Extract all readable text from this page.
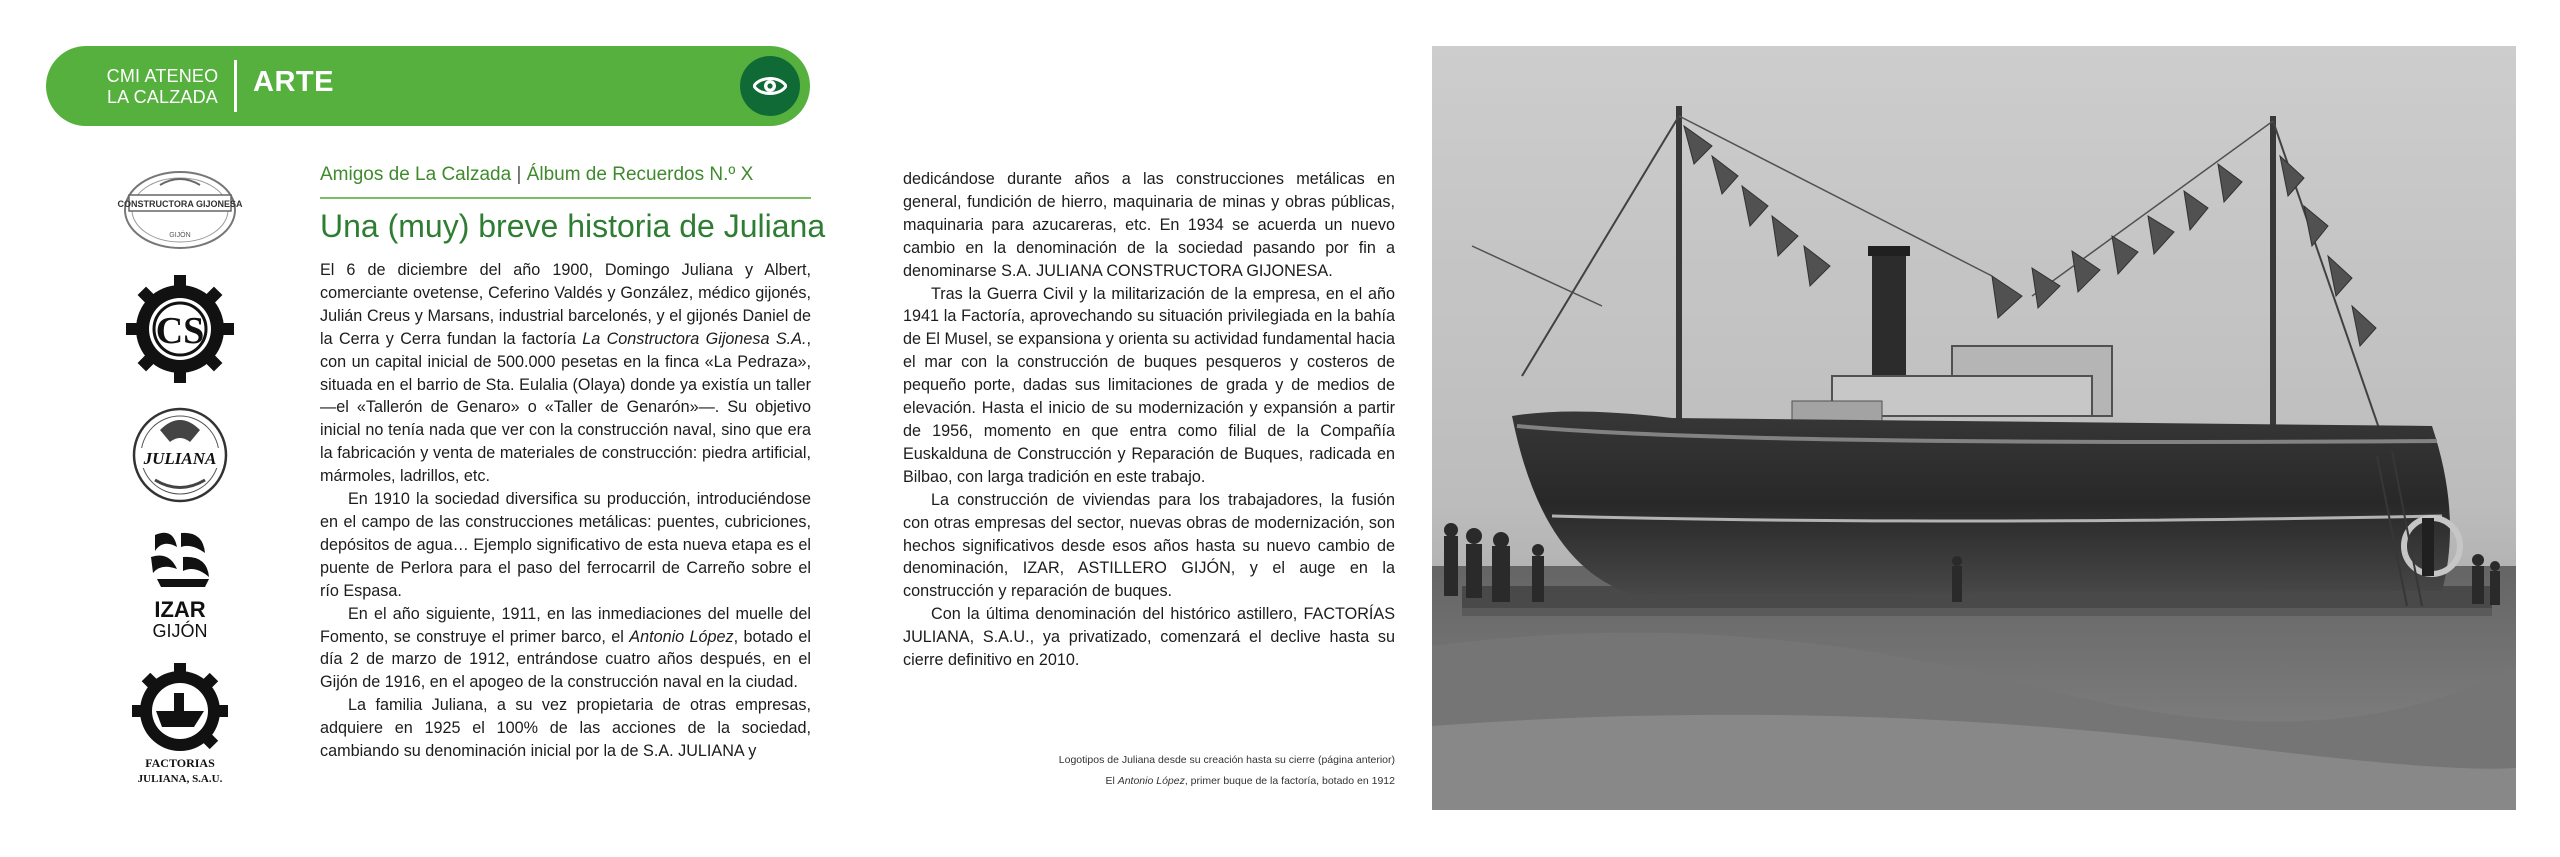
CMI ATENEO
LA CALZADA ARTE
CONSTRUCTORA GIJONESA
GIJÓN
CS
JULIANA
IZAR
GIJÓN
FACTORIAS
JULIANA, S.A.U.
Amigos de La Calzada | Álbum de Recuerdos N.º X
Una (muy) breve historia de Juliana

El 6 de diciembre del año 1900, Domingo Juliana y Albert, comerciante ovetense, Ceferino Valdés y González, médico gijonés, Julián Creus y Marsans, industrial barcelonés, y el gijonés Daniel de la Cerra y Cerra fundan la factoría La Constructora Gijonesa S.A., con un capital inicial de 500.000 pesetas en la finca «La Pedraza», situada en el barrio de Sta. Eulalia (Olaya) donde ya existía un taller —el «Tallerón de Genaro» o «Taller de Genarón»—. Su objetivo inicial no tenía nada que ver con la construcción naval, sino que era la fabricación y venta de materiales de construcción: piedra artificial, mármoles, ladrillos, etc.

En 1910 la sociedad diversifica su producción, introduciéndose en el campo de las construcciones metálicas: puentes, cubriciones, depósitos de agua… Ejemplo significativo de esta nueva etapa es el puente de Perlora para el paso del ferrocarril de Carreño sobre el río Espasa.

En el año siguiente, 1911, en las inmediaciones del muelle del Fomento, se construye el primer barco, el Antonio López, botado el día 2 de marzo de 1912, entrándose cuatro años después, en el Gijón de 1916, en el apogeo de la construcción naval en la ciudad.

La familia Juliana, a su vez propietaria de otras empresas, adquiere en 1925 el 100% de las acciones de la sociedad, cambiando su denominación inicial por la de S.A. JULIANA y

dedicándose durante años a las construcciones metálicas en general, fundición de hierro, maquinaria de minas y obras públicas, maquinaria para azucareras, etc. En 1934 se acuerda un nuevo cambio en la denominación de la sociedad pasando por fin a denominarse S.A. JULIANA CONSTRUCTORA GIJONESA.

Tras la Guerra Civil y la militarización de la empresa, en el año 1941 la Factoría, aprovechando su situación privilegiada en la bahía de El Musel, se expansiona y orienta su actividad fundamental hacia el mar con la construcción de buques pesqueros y costeros de pequeño porte, dadas sus limitaciones de grada y de medios de elevación. Hasta el inicio de su modernización y expansión a partir de 1956, momento en que entra como filial de la Compañía Euskalduna de Construcción y Reparación de Buques, radicada en Bilbao, con larga tradición en este trabajo.

La construcción de viviendas para los trabajadores, la fusión con otras empresas del sector, nuevas obras de modernización, son hechos significativos desde esos años hasta su nuevo cambio de denominación, IZAR, ASTILLERO GIJÓN, y el auge en la construcción y reparación de buques.

Con la última denominación del histórico astillero, FACTORÍAS JULIANA, S.A.U., ya privatizado, comenzará el declive hasta su cierre definitivo en 2010.

Logotipos de Juliana desde su creación hasta su cierre (página anterior)
El Antonio López, primer buque de la factoría, botado en 1912
